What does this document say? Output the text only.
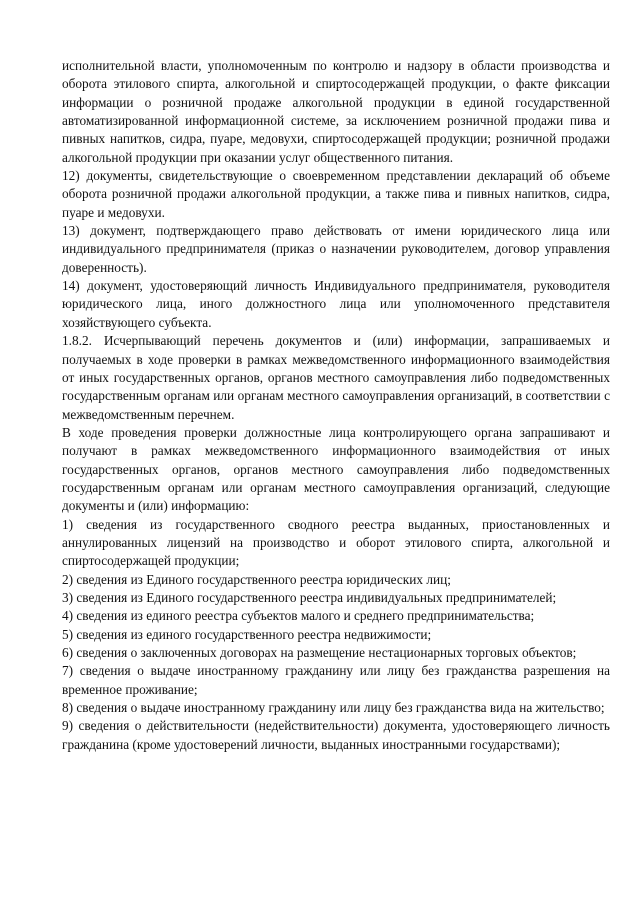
исполнительной власти, уполномоченным по контролю и надзору в области производства и оборота этилового спирта, алкогольной и спиртосодержащей продукции, о факте фиксации информации о розничной продаже алкогольной продукции в единой государственной автоматизированной информационной системе, за исключением розничной продажи пива и пивных напитков, сидра, пуаре, медовухи, спиртосодержащей продукции; розничной продажи алкогольной продукции при оказании услуг общественного питания.

12) документы, свидетельствующие о своевременном представлении деклараций об объеме оборота розничной продажи алкогольной продукции, а также пива и пивных напитков, сидра, пуаре и медовухи.

13) документ, подтверждающего право действовать от имени юридического лица или индивидуального предпринимателя (приказ о назначении руководителем, договор управления доверенность).

14) документ, удостоверяющий личность Индивидуального предпринимателя, руководителя юридического лица, иного должностного лица или уполномоченного представителя хозяйствующего субъекта.

1.8.2. Исчерпывающий перечень документов и (или) информации, запрашиваемых и получаемых в ходе проверки в рамках межведомственного информационного взаимодействия от иных государственных органов, органов местного самоуправления либо подведомственных государственным органам или органам местного самоуправления организаций, в соответствии с межведомственным перечнем.

В ходе проведения проверки должностные лица контролирующего органа запрашивают и получают в рамках межведомственного информационного взаимодействия от иных государственных органов, органов местного самоуправления либо подведомственных государственным органам или органам местного самоуправления организаций, следующие документы и (или) информацию:

1) сведения из государственного сводного реестра выданных, приостановленных и аннулированных лицензий на производство и оборот этилового спирта, алкогольной и спиртосодержащей продукции;

2) сведения из Единого государственного реестра юридических лиц;

3) сведения из Единого государственного реестра индивидуальных предпринимателей;

4) сведения из единого реестра субъектов малого и среднего предпринимательства;

5) сведения из единого государственного реестра недвижимости;

6) сведения о заключенных договорах на размещение нестационарных торговых объектов;

7) сведения о выдаче иностранному гражданину или лицу без гражданства разрешения на временное проживание;

8) сведения о выдаче иностранному гражданину или лицу без гражданства вида на жительство;

9) сведения о действительности (недействительности) документа, удостоверяющего личность гражданина (кроме удостоверений личности, выданных иностранными государствами);
